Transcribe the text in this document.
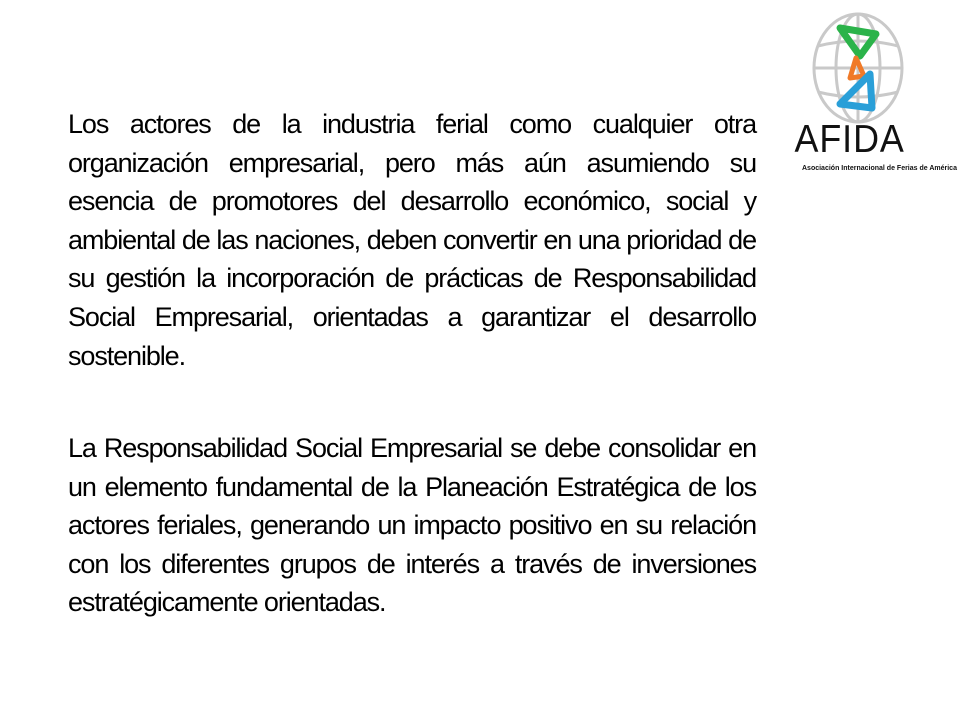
AFIDA
Asociación Internacional de Ferias de América

Los actores de la industria ferial como cualquier otra organización empresarial, pero más aún asumiendo su esencia de promotores del desarrollo económico, social y ambiental de las naciones, deben convertir en una prioridad de su gestión la incorporación de prácticas de Responsabilidad Social Empresarial, orientadas a garantizar el desarrollo sostenible.

La Responsabilidad Social Empresarial se debe consolidar en un elemento fundamental de la Planeación Estratégica de los actores feriales, generando un impacto positivo en su relación con los diferentes grupos de interés a través de inversiones estratégicamente orientadas.
